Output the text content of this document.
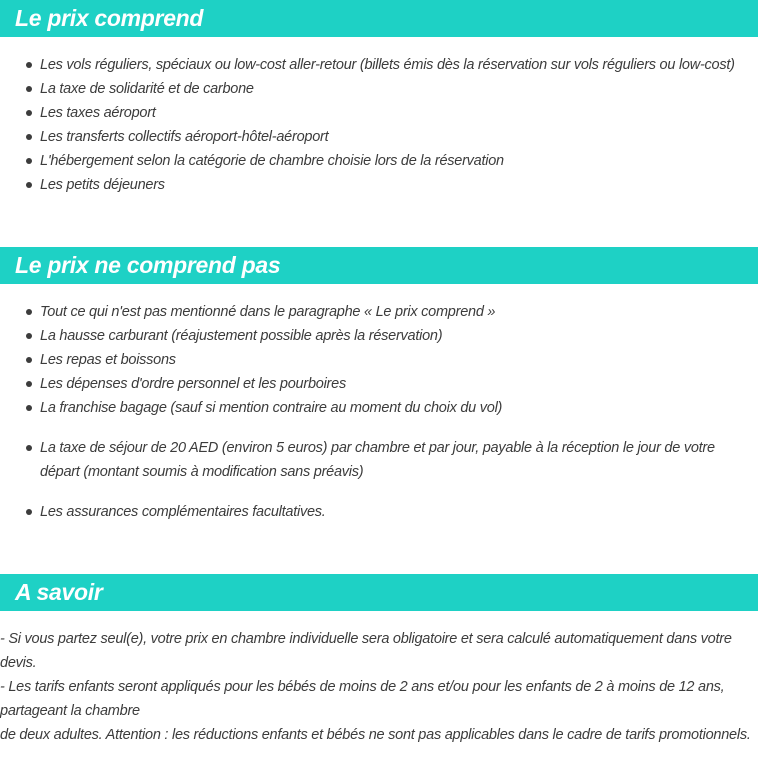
Le prix comprend
Les vols réguliers, spéciaux ou low-cost aller-retour (billets émis dès la réservation sur vols réguliers ou low-cost)
La taxe de solidarité et de carbone
Les taxes aéroport
Les transferts collectifs aéroport-hôtel-aéroport
L'hébergement selon la catégorie de chambre choisie lors de la réservation
Les petits déjeuners
Le prix ne comprend pas
Tout ce qui n'est pas mentionné dans le paragraphe « Le prix comprend »
La hausse carburant (réajustement possible après la réservation)
Les repas et boissons
Les dépenses d'ordre personnel et les pourboires
La franchise bagage (sauf si mention contraire au moment du choix du vol)
La taxe de séjour de 20 AED (environ 5 euros) par chambre et par jour, payable à la réception le jour de votre départ (montant soumis à modification sans préavis)
Les assurances complémentaires facultatives.
A savoir

- Si vous partez seul(e), votre prix en chambre individuelle sera obligatoire et sera calculé automatiquement dans votre devis.

- Les tarifs enfants seront appliqués pour les bébés de moins de 2 ans et/ou pour les enfants de 2 à moins de 12 ans, partageant la chambre

de deux adultes. Attention : les réductions enfants et bébés ne sont pas applicables dans le cadre de tarifs promotionnels.
